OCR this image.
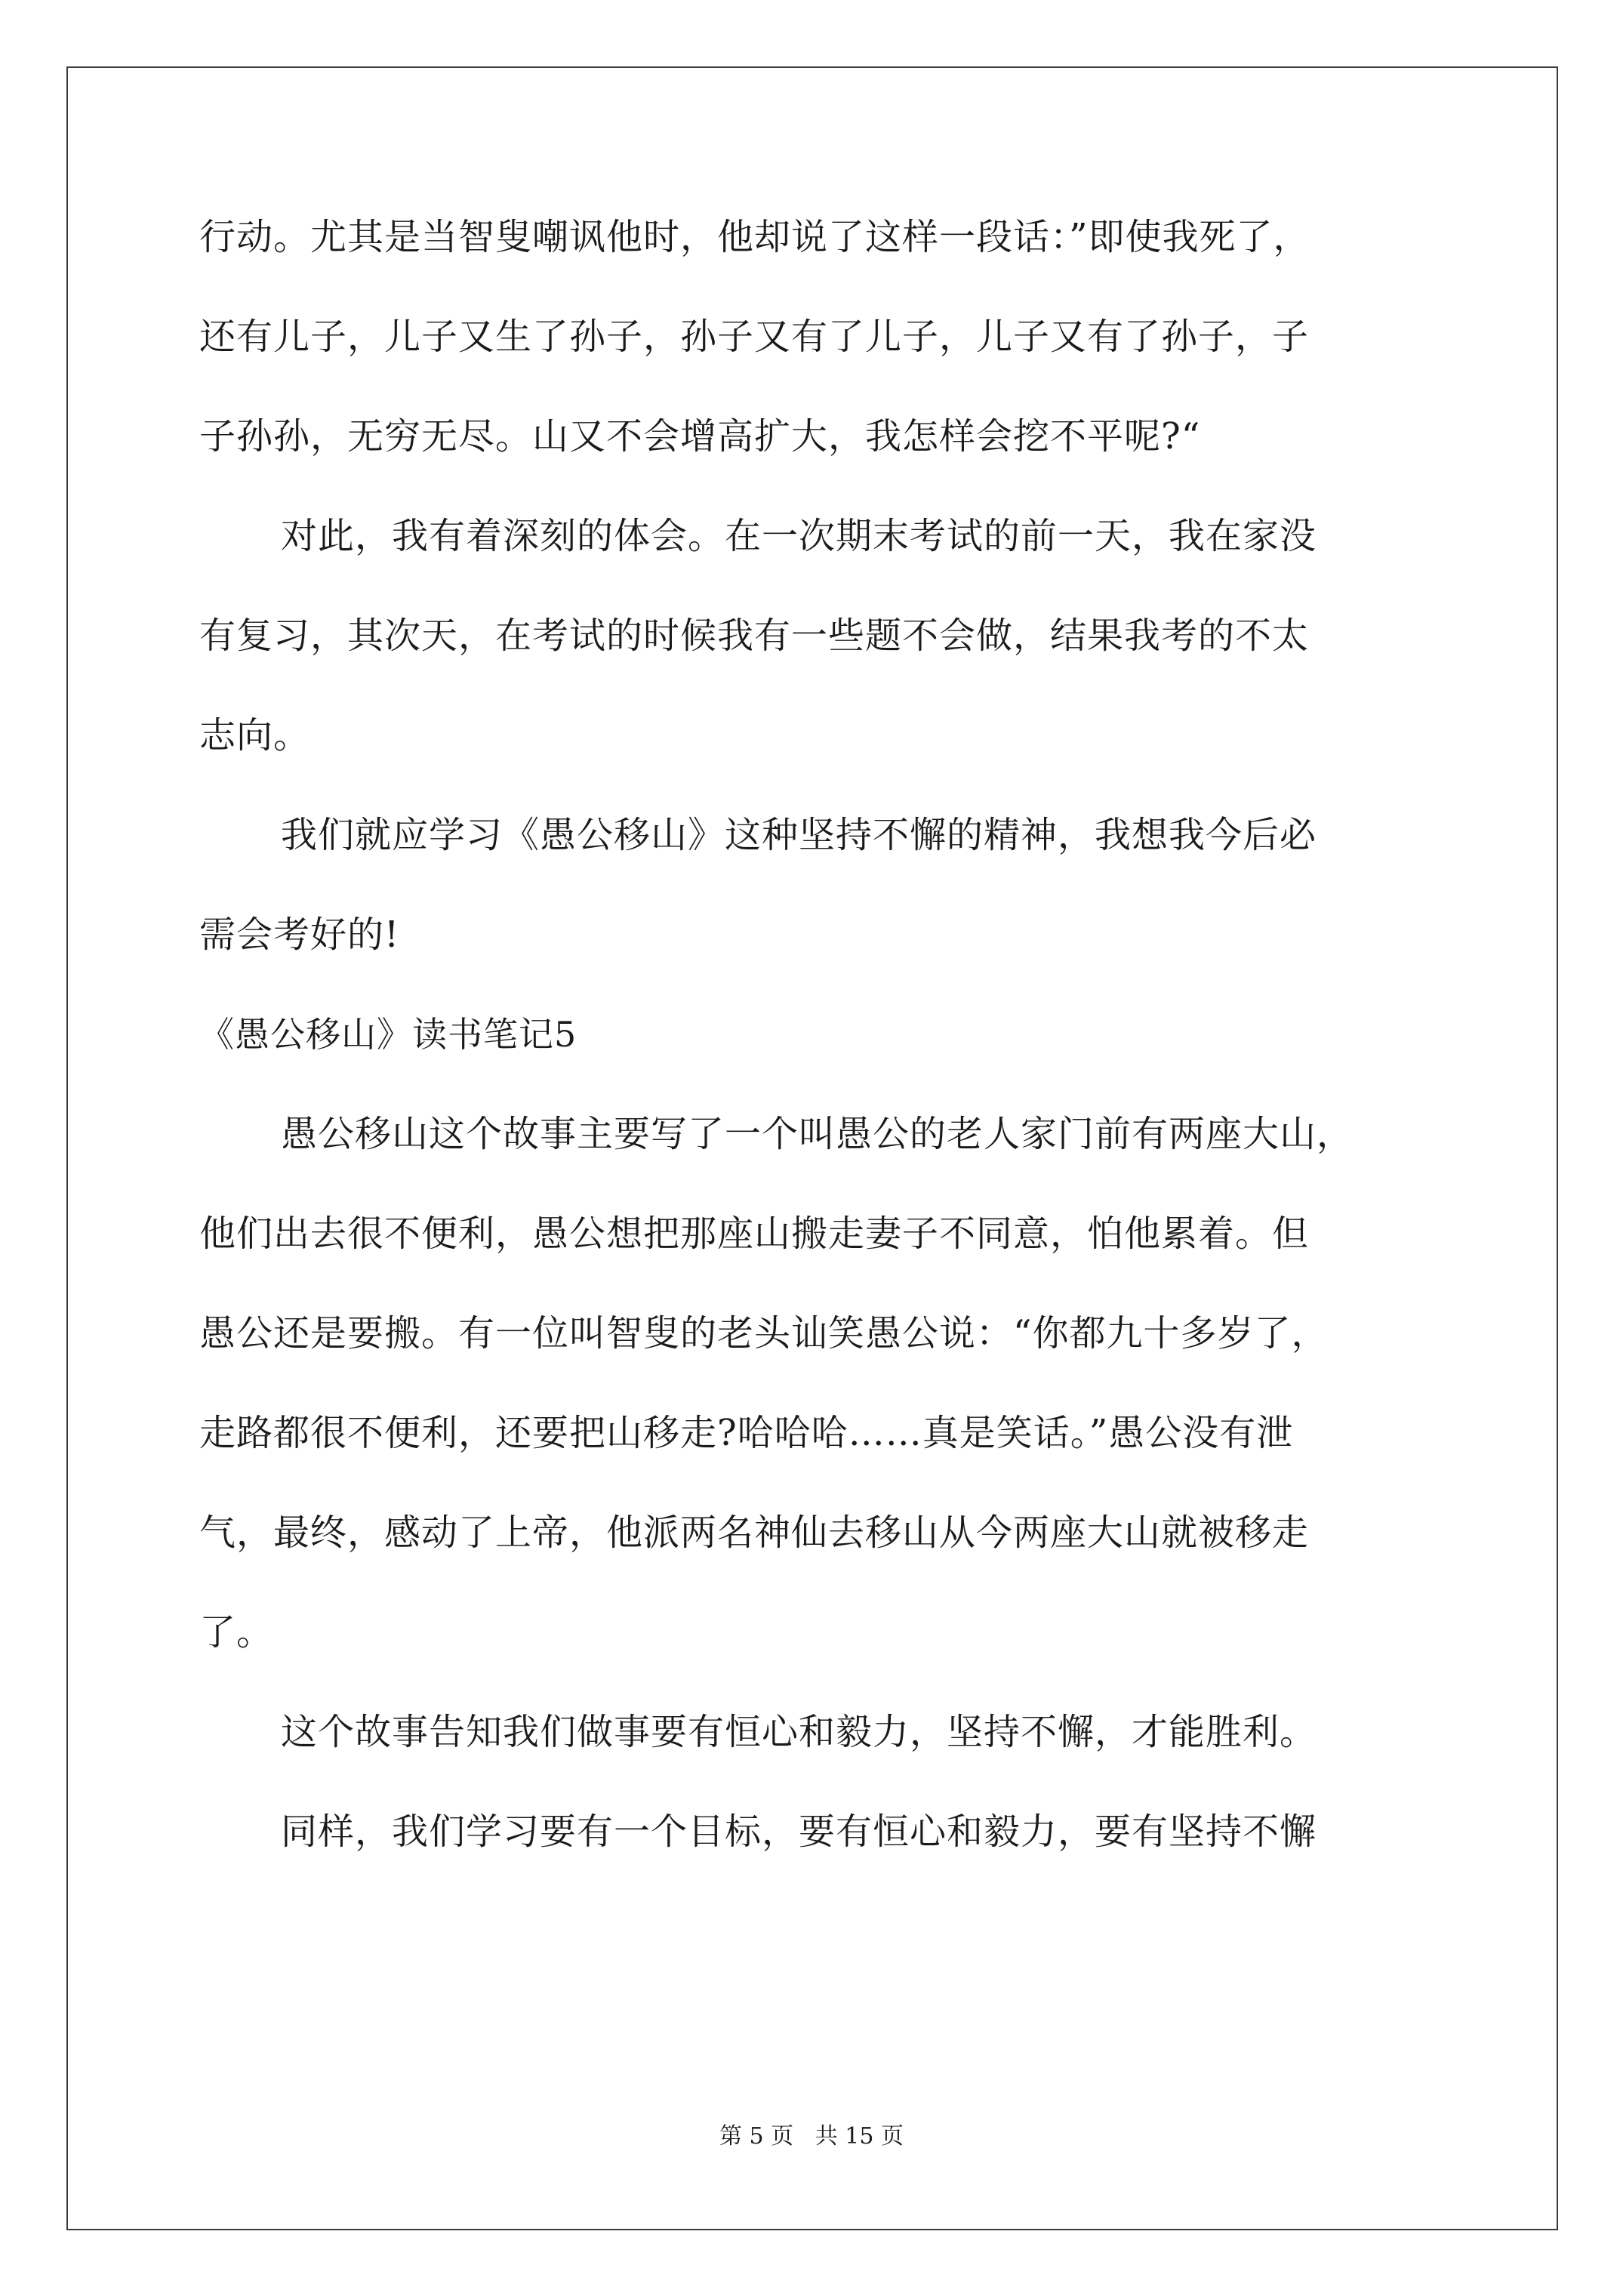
行动。尤其是当智叟嘲讽他时，他却说了这样一段话：”即使我死了，
还有儿子，儿子又生了孙子，孙子又有了儿子，儿子又有了孙子，子
子孙孙，无穷无尽。山又不会增高扩大，我怎样会挖不平呢?“
对此，我有着深刻的体会。在一次期末考试的前一天，我在家没
有复习，其次天，在考试的时候我有一些题不会做，结果我考的不太
志向。
我们就应学习《愚公移山》这种坚持不懈的精神，我想我今后必
需会考好的!
《愚公移山》读书笔记5
愚公移山这个故事主要写了一个叫愚公的老人家门前有两座大山，
他们出去很不便利，愚公想把那座山搬走妻子不同意，怕他累着。但
愚公还是要搬。有一位叫智叟的老头讪笑愚公说：“你都九十多岁了，
走路都很不便利，还要把山移走?哈哈哈……真是笑话。”愚公没有泄
气，最终，感动了上帝，他派两名神仙去移山从今两座大山就被移走
了。
这个故事告知我们做事要有恒心和毅力，坚持不懈，才能胜利。
同样，我们学习要有一个目标，要有恒心和毅力，要有坚持不懈
第 5 页   共 15 页
